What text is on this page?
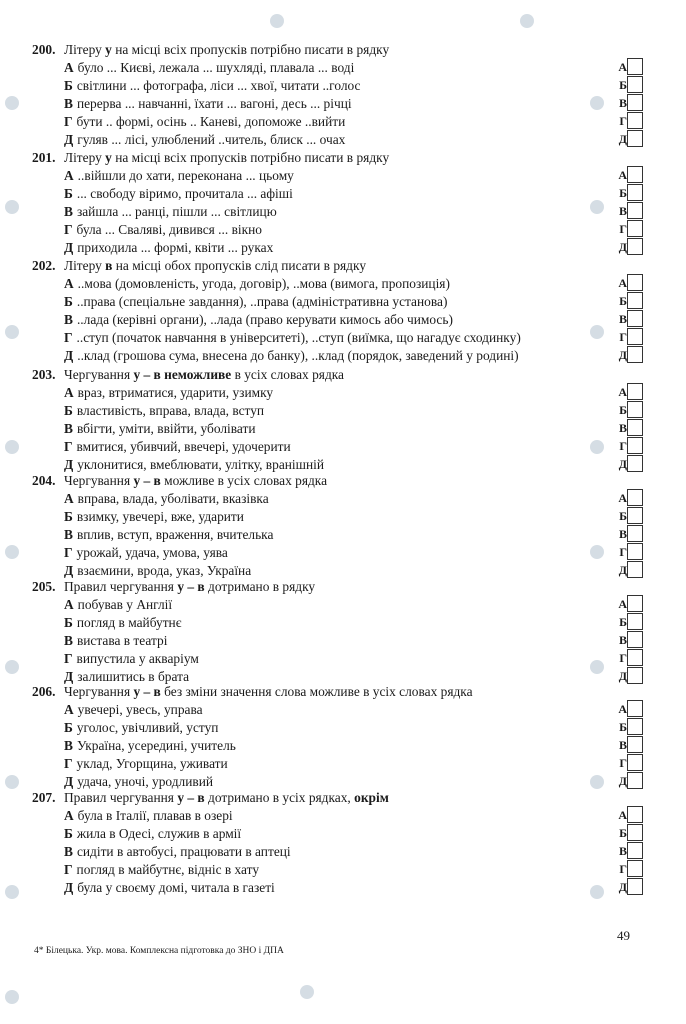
200. Літеру у на місці всіх пропусків потрібно писати в рядку
А було ... Києві, лежала ... шухляді, плавала ... воді	А
Б світлини ... фотографа, ліси ... хвої, читати ..голос	Б
В перерва ... навчанні, їхати ... вагоні, десь ... річці	В
Г бути .. формі, осінь .. Каневі, допоможе ..вийти	Г
Д гуляв ... лісі, улюблений ..читель, блиск ... очах	Д
201. Літеру у на місці всіх пропусків потрібно писати в рядку
А ..війшли до хати, переконана ... цьому	А
Б ... свободу віримо, прочитала ... афіші	Б
В зайшла ... ранці, пішли ... світлицю	В
Г була ... Сваляві, дивився ... вікно	Г
Д приходила ... формі, квіти ... руках	Д
202. Літеру в на місці обох пропусків слід писати в рядку
А ..мова (домовленість, угода, договір), ..мова (вимога, пропозиція)	А
Б ..права (спеціальне завдання), ..права (адміністративна установа)	Б
В ..лада (керівні органи), ..лада (право керувати кимось або чимось)	В
Г ..ступ (початок навчання в університеті), ..ступ (виїмка, що нагадує сходинку)	Г
Д ..клад (грошова сума, внесена до банку), ..клад (порядок, заведений у родині)	Д
203. Чергування у – в неможливе в усіх словах рядка
А враз, втриматися, ударити, узимку	А
Б властивість, вправа, влада, вступ	Б
В вбігти, уміти, ввійти, уболівати	В
Г вмитися, убивчий, ввечері, удочерити	Г
Д уклонитися, вмеблювати, улітку, вранішній	Д
204. Чергування у – в можливе в усіх словах рядка
А вправа, влада, уболівати, вказівка	А
Б взимку, увечері, вже, ударити	Б
В вплив, вступ, враження, вчителька	В
Г урожай, удача, умова, уява	Г
Д взаємини, врода, указ, Україна	Д
205. Правил чергування у – в дотримано в рядку
А побував у Англії	А
Б погляд в майбутнє	Б
В вистава в театрі	В
Г випустила у акваріум	Г
Д залишитись в брата	Д
206. Чергування у – в без зміни значення слова можливе в усіх словах рядка
А увечері, увесь, управа	А
Б уголос, увічливий, уступ	Б
В Україна, усередині, учитель	В
Г уклад, Угорщина, уживати	Г
Д удача, уночі, уродливий	Д
207. Правил чергування у – в дотримано в усіх рядках, окрім
А була в Італії, плавав в озері	А
Б жила в Одесі, служив в армії	Б
В сидіти в автобусі, працювати в аптеці	В
Г погляд в майбутнє, відніс в хату	Г
Д була у своєму домі, читала в газеті	Д
49
4* Білецька. Укр. мова. Комплексна підготовка до ЗНО і ДПА
